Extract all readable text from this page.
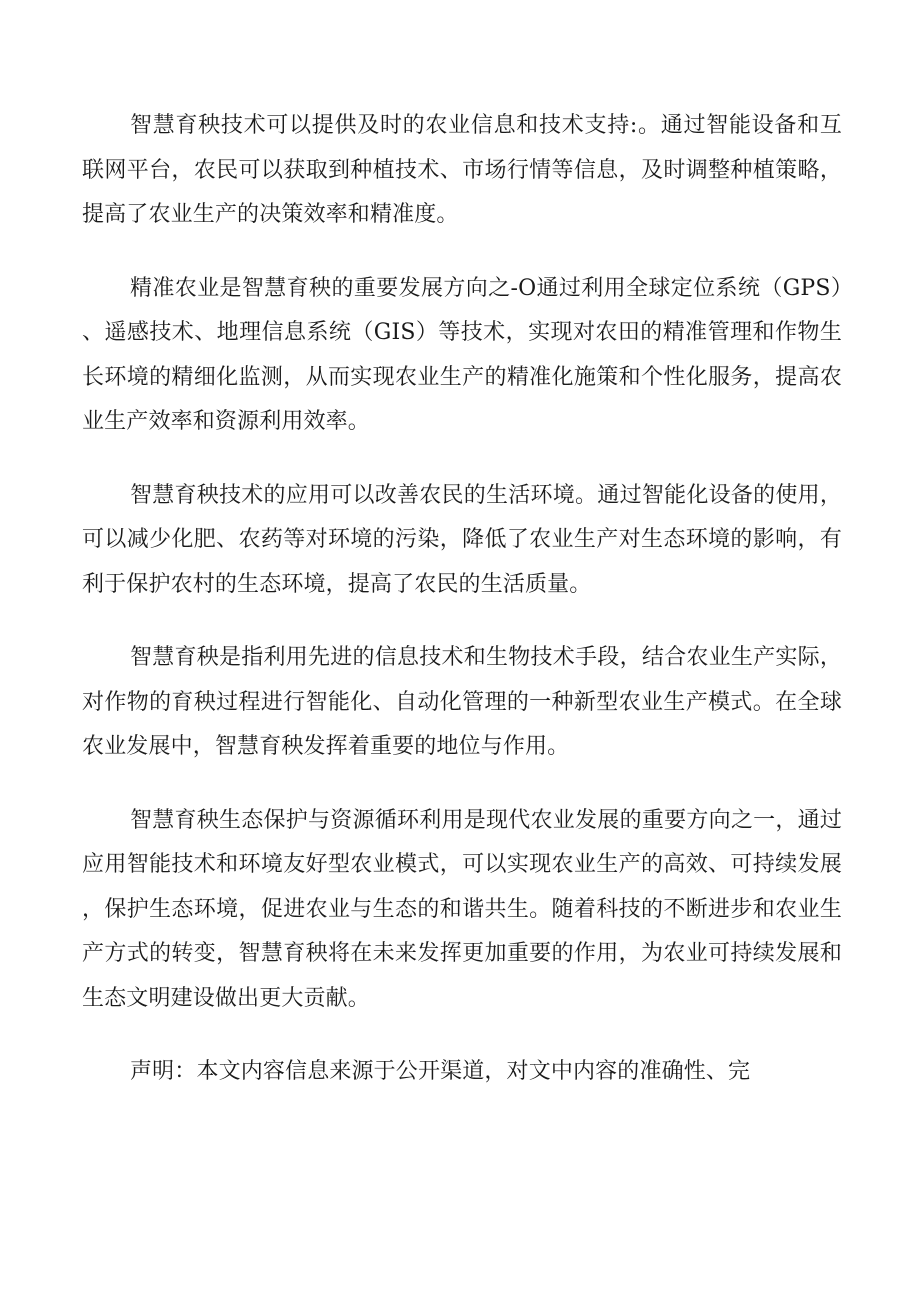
智慧育秧技术可以提供及时的农业信息和技术支持:。通过智能设备和互联网平台，农民可以获取到种植技术、市场行情等信息，及时调整种植策略，提高了农业生产的决策效率和精准度。

精准农业是智慧育秧的重要发展方向之-O通过利用全球定位系统（GPS）、遥感技术、地理信息系统（GIS）等技术，实现对农田的精准管理和作物生长环境的精细化监测，从而实现农业生产的精准化施策和个性化服务，提高农业生产效率和资源利用效率。

智慧育秧技术的应用可以改善农民的生活环境。通过智能化设备的使用，可以减少化肥、农药等对环境的污染，降低了农业生产对生态环境的影响，有利于保护农村的生态环境，提高了农民的生活质量。

智慧育秧是指利用先进的信息技术和生物技术手段，结合农业生产实际，对作物的育秧过程进行智能化、自动化管理的一种新型农业生产模式。在全球农业发展中，智慧育秧发挥着重要的地位与作用。

智慧育秧生态保护与资源循环利用是现代农业发展的重要方向之一，通过应用智能技术和环境友好型农业模式，可以实现农业生产的高效、可持续发展，保护生态环境，促进农业与生态的和谐共生。随着科技的不断进步和农业生产方式的转变，智慧育秧将在未来发挥更加重要的作用，为农业可持续发展和生态文明建设做出更大贡献。

声明：本文内容信息来源于公开渠道，对文中内容的准确性、完
